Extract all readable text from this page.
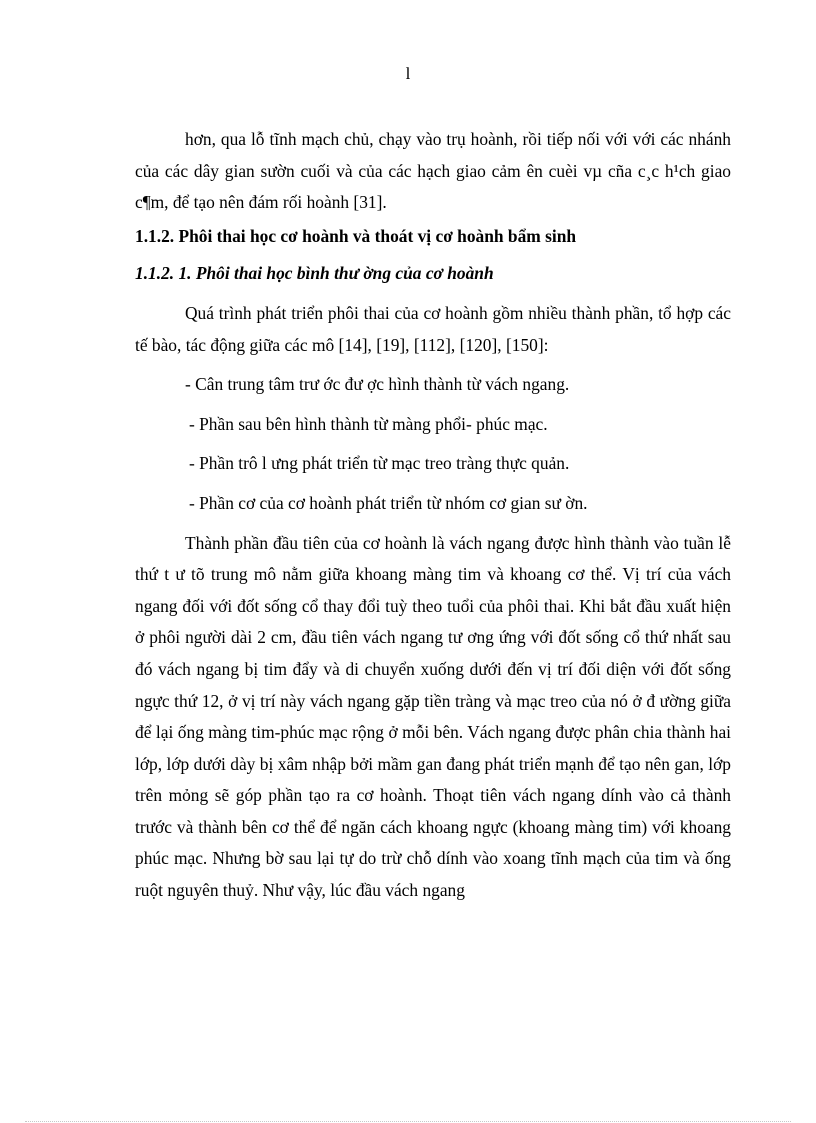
l

hơn, qua lỗ tĩnh mạch chủ, chạy vào trụ hoành, rồi tiếp nối với với các nhánh của các dây gian sườn cuối và của các hạch giao cảm ên cuèi vµ cña c¸c h¹ch giao c¶m, để tạo nên đám rối hoành [31].

1.1.2. Phôi thai học cơ hoành và thoát vị cơ hoành bẩm sinh

1.1.2. 1. Phôi thai học bình thư ờng của cơ hoành

Quá trình phát triển phôi thai của cơ hoành gồm nhiều thành phần, tổ hợp các tế bào, tác động giữa các mô [14], [19], [112], [120], [150]:

- Cân trung tâm trư ớc đư ợc hình thành từ vách ngang.

- Phần sau bên hình thành từ màng phổi- phúc mạc.

- Phần trô l ưng phát triển từ mạc treo tràng thực quản.

- Phần cơ của cơ hoành phát triển từ nhóm cơ gian sư ờn.

Thành phần đầu tiên của cơ hoành là vách ngang được hình thành vào tuần lễ thứ t ư tõ trung mô nằm giữa khoang màng tim và khoang cơ thể. Vị trí của vách ngang đối với đốt sống cổ thay đổi tuỳ theo tuổi của phôi thai. Khi bắt đầu xuất hiện ở phôi người dài 2 cm, đầu tiên vách ngang tư ơng ứng với đốt sống cổ thứ nhất sau đó vách ngang bị tim đẩy và di chuyển xuống dưới đến vị trí đối diện với đốt sống ngực thứ 12, ở vị trí này vách ngang gặp tiền tràng và mạc treo của nó ở đ ường giữa để lại ống màng tim-phúc mạc rộng ở mỗi bên. Vách ngang được phân chia thành hai lớp, lớp dưới dày bị xâm nhập bởi mầm gan đang phát triển mạnh để tạo nên gan, lớp trên mỏng sẽ góp phần tạo ra cơ hoành. Thoạt tiên vách ngang dính vào cả thành trước và thành bên cơ thể để ngăn cách khoang ngực (khoang màng tim) với khoang phúc mạc. Nhưng bờ sau lại tự do trừ chỗ dính vào xoang tĩnh mạch của tim và ống ruột nguyên thuỷ. Như vậy, lúc đầu vách ngang
